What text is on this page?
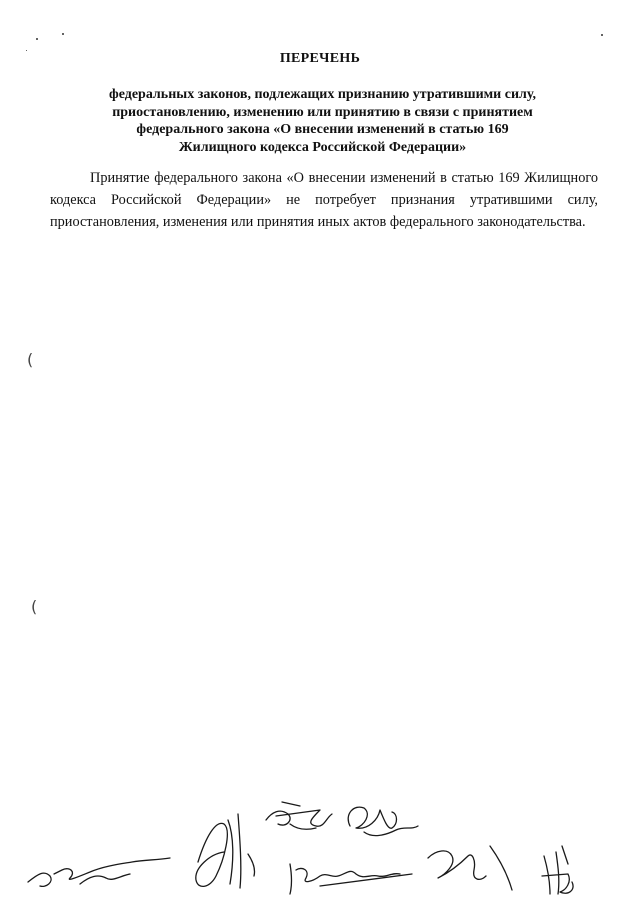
ПЕРЕЧЕНЬ
федеральных законов, подлежащих признанию утратившими силу,
приостановлению, изменению или принятию в связи с принятием
федерального закона «О внесении изменений в статью 169
Жилищного кодекса Российской Федерации»
Принятие федерального закона «О внесении изменений в статью 169 Жилищного
кодекса Российской Федерации» не потребует признания утратившими силу,
приостановления, изменения или принятия иных актов федерального законодательства.
(
(
